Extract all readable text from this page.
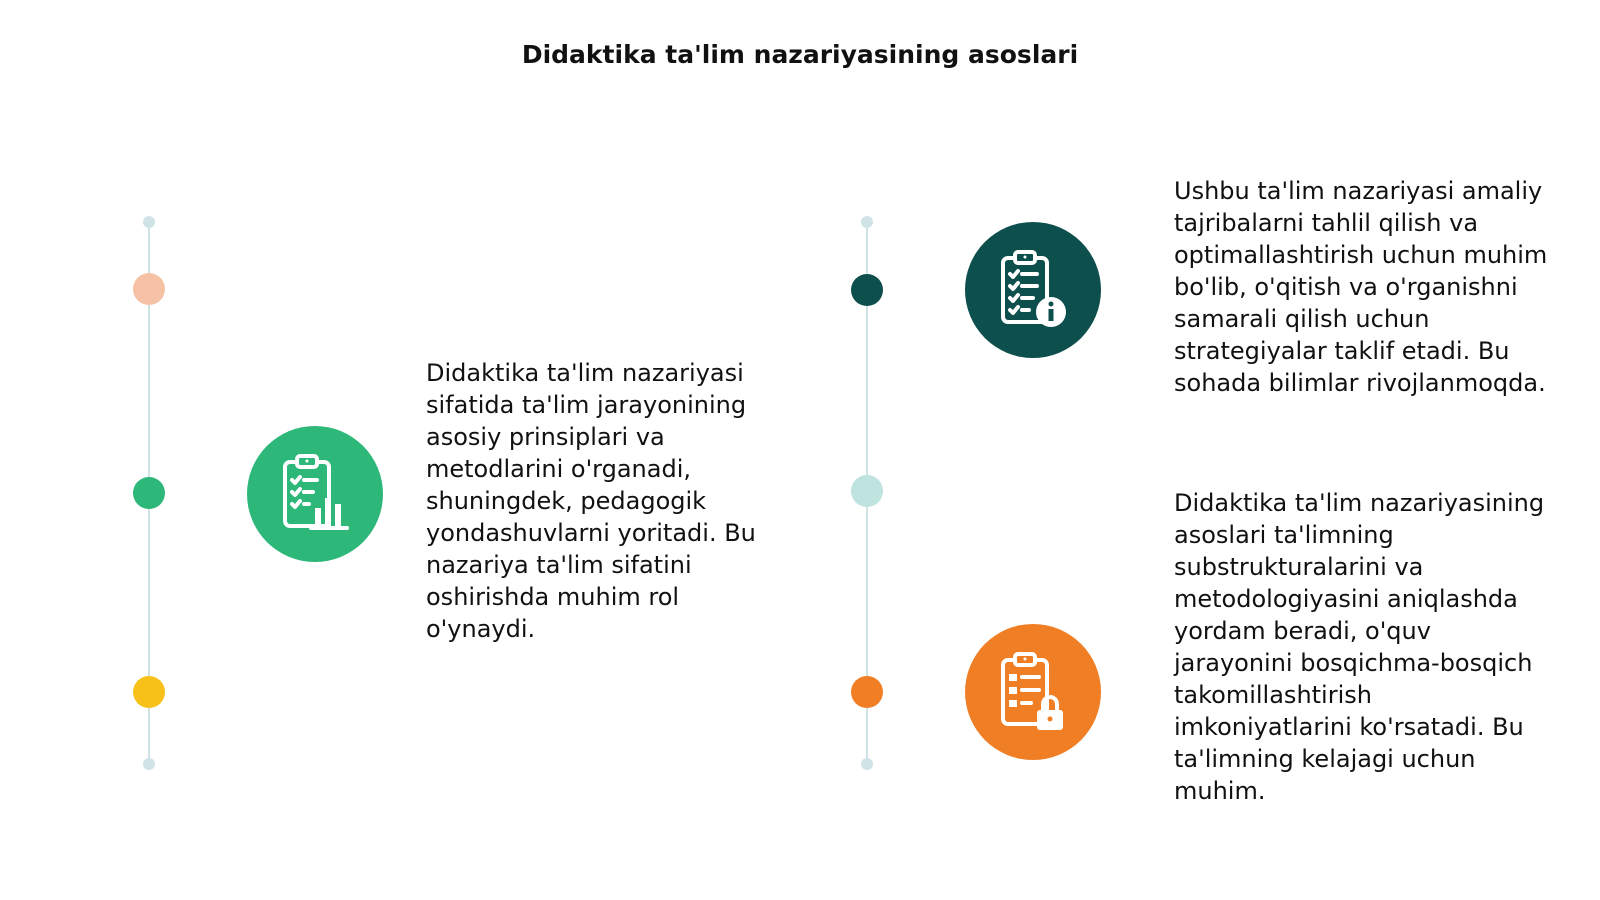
Didaktika ta'lim nazariyasining asoslari
Didaktika ta'lim nazariyasi sifatida ta'lim jarayonining asosiy prinsiplari va metodlarini o'rganadi, shuningdek, pedagogik yondashuvlarni yoritadi. Bu nazariya ta'lim sifatini oshirishda muhim rol o'ynaydi.
Ushbu ta'lim nazariyasi amaliy tajribalarni tahlil qilish va optimallashtirish uchun muhim bo'lib, o'qitish va o'rganishni samarali qilish uchun strategiyalar taklif etadi. Bu sohada bilimlar rivojlanmoqda.
Didaktika ta'lim nazariyasining asoslari ta'limning substrukturalarini va metodologiyasini aniqlashda yordam beradi, o'quv jarayonini bosqichma-bosqich takomillashtirish imkoniyatlarini ko'rsatadi. Bu ta'limning kelajagi uchun muhim.
